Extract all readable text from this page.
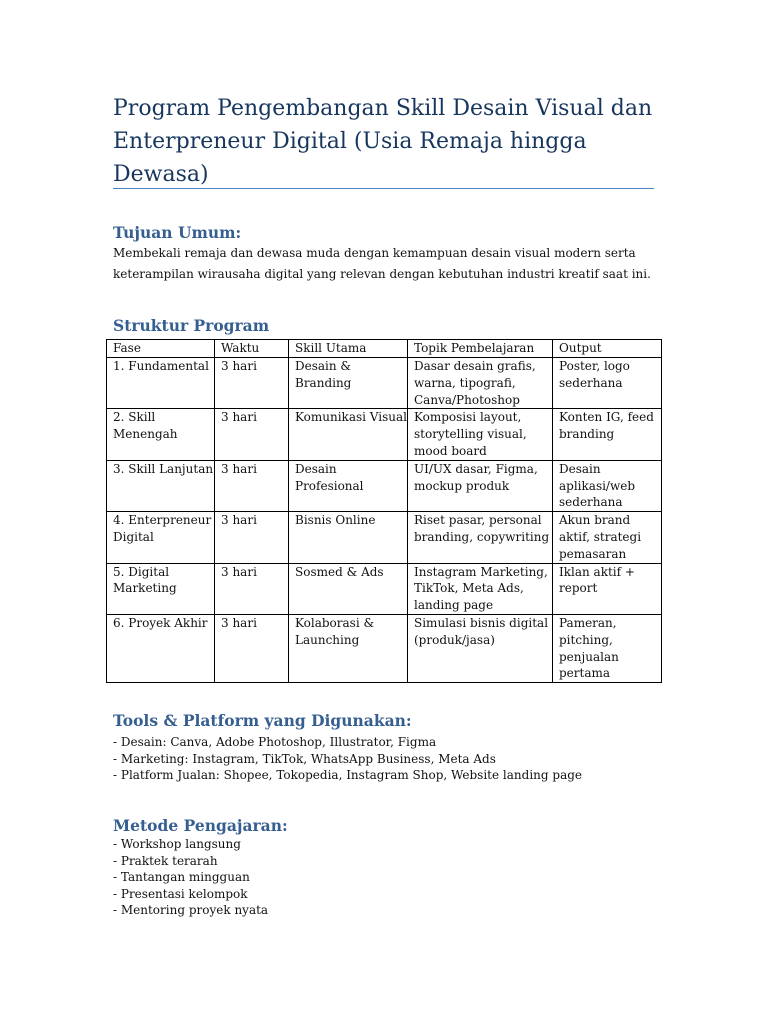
Program Pengembangan Skill Desain Visual dan Enterpreneur Digital (Usia Remaja hingga Dewasa)
Tujuan Umum:

Membekali remaja dan dewasa muda dengan kemampuan desain visual modern serta keterampilan wirausaha digital yang relevan dengan kebutuhan industri kreatif saat ini.

Struktur Program
Fase	Waktu	Skill Utama	Topik Pembelajaran	Output
1. Fundamental	3 hari	Desain & Branding	Dasar desain grafis, warna, tipografi, Canva/Photoshop	Poster, logo sederhana
2. Skill Menengah	3 hari	Komunikasi Visual	Komposisi layout, storytelling visual, mood board	Konten IG, feed branding
3. Skill Lanjutan	3 hari	Desain Profesional	UI/UX dasar, Figma, mockup produk	Desain aplikasi/web sederhana
4. Enterpreneur Digital	3 hari	Bisnis Online	Riset pasar, personal branding, copywriting	Akun brand aktif, strategi pemasaran
5. Digital Marketing	3 hari	Sosmed & Ads	Instagram Marketing, TikTok, Meta Ads, landing page	Iklan aktif + report
6. Proyek Akhir	3 hari	Kolaborasi & Launching	Simulasi bisnis digital (produk/jasa)	Pameran, pitching, penjualan pertama
Tools & Platform yang Digunakan:
- Desain: Canva, Adobe Photoshop, Illustrator, Figma
- Marketing: Instagram, TikTok, WhatsApp Business, Meta Ads
- Platform Jualan: Shopee, Tokopedia, Instagram Shop, Website landing page
Metode Pengajaran:
- Workshop langsung
- Praktek terarah
- Tantangan mingguan
- Presentasi kelompok
- Mentoring proyek nyata
